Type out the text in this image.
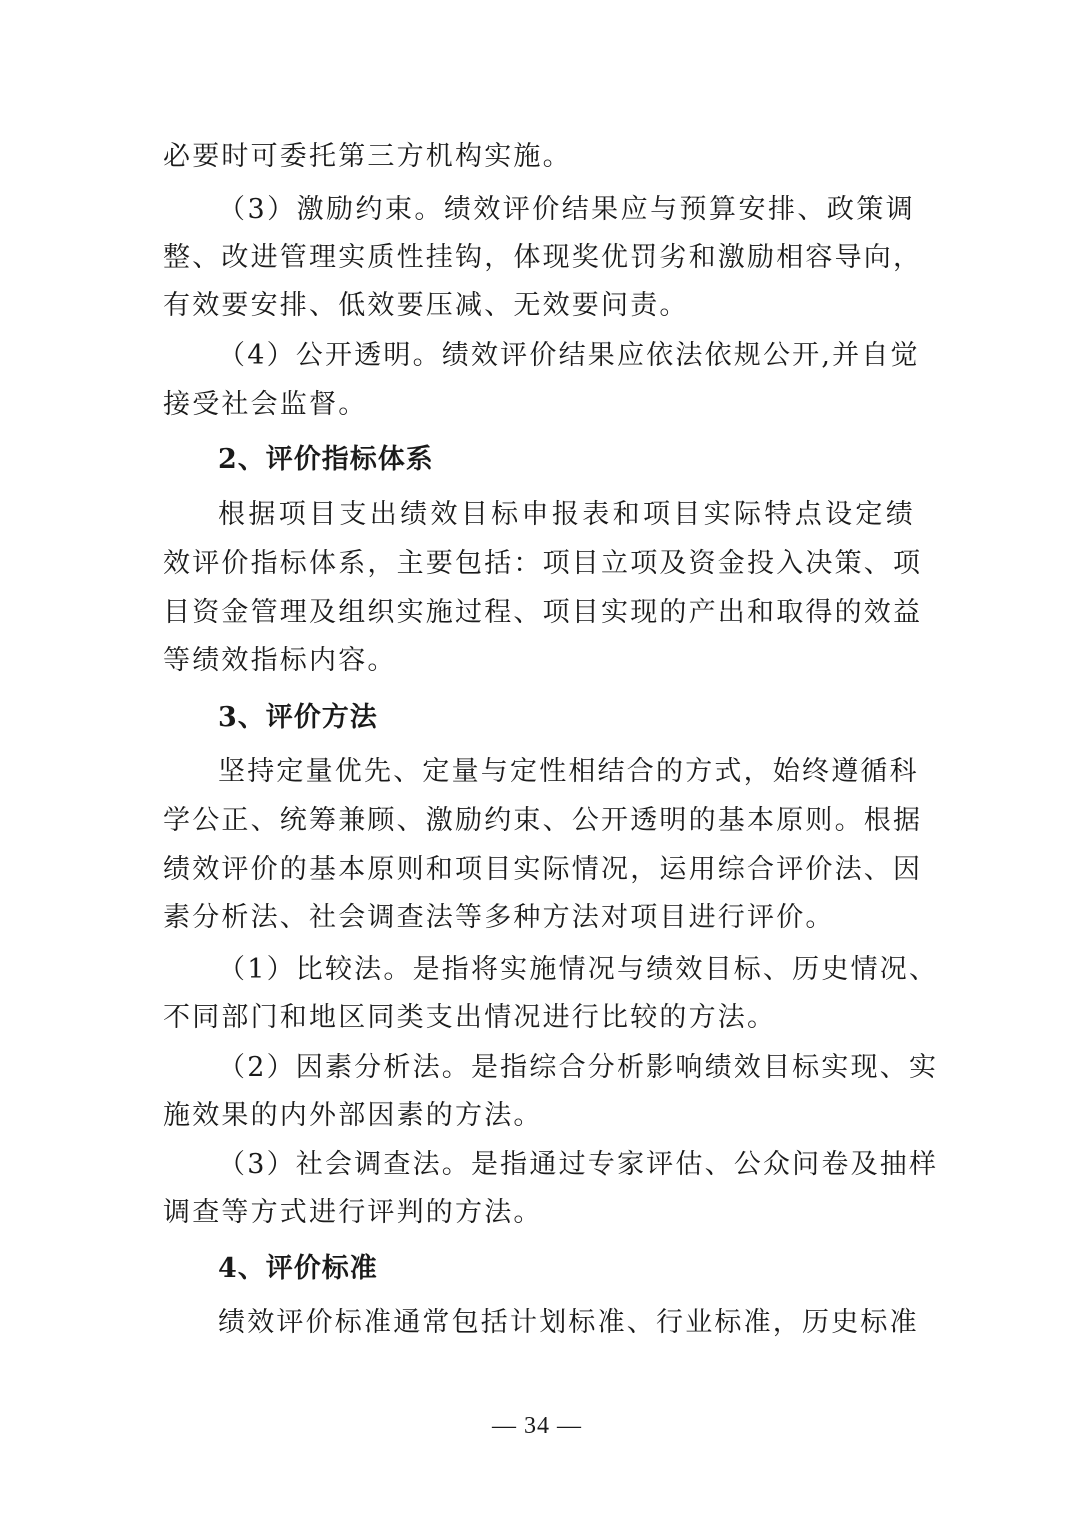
必要时可委托第三方机构实施。
（3）激励约束。绩效评价结果应与预算安排、政策调
整、改进管理实质性挂钩，体现奖优罚劣和激励相容导向，
有效要安排、低效要压减、无效要问责。
（4）公开透明。绩效评价结果应依法依规公开,并自觉
接受社会监督。
2、评价指标体系
根据项目支出绩效目标申报表和项目实际特点设定绩
效评价指标体系，主要包括：项目立项及资金投入决策、项
目资金管理及组织实施过程、项目实现的产出和取得的效益
等绩效指标内容。
3、评价方法
坚持定量优先、定量与定性相结合的方式，始终遵循科
学公正、统筹兼顾、激励约束、公开透明的基本原则。根据
绩效评价的基本原则和项目实际情况，运用综合评价法、因
素分析法、社会调查法等多种方法对项目进行评价。
（1）比较法。是指将实施情况与绩效目标、历史情况、
不同部门和地区同类支出情况进行比较的方法。
（2）因素分析法。是指综合分析影响绩效目标实现、实
施效果的内外部因素的方法。
（3）社会调查法。是指通过专家评估、公众问卷及抽样
调查等方式进行评判的方法。
4、评价标准
绩效评价标准通常包括计划标准、行业标准，历史标准
— 34 —
